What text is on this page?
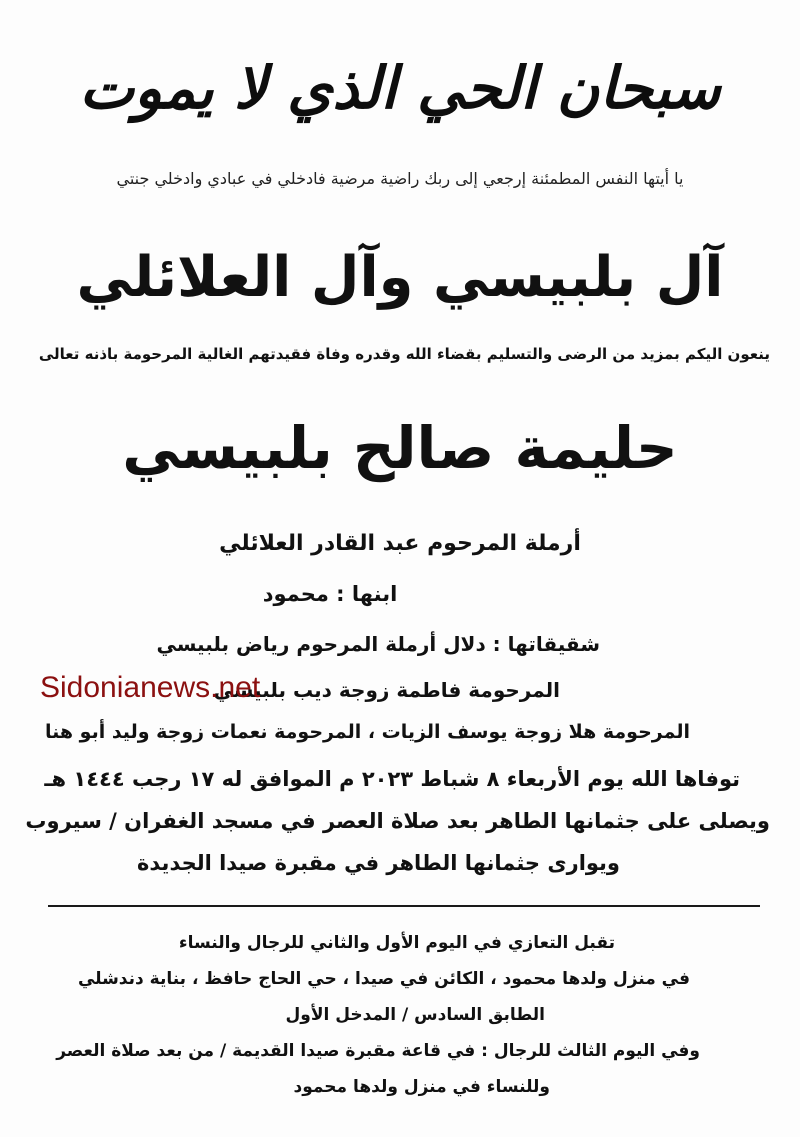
سبحان الحي الذي لا يموت
يا أيتها النفس المطمئنة إرجعي إلى ربك راضية مرضية فادخلي في عبادي وادخلي جنتي
آل بلبيسي وآل العلائلي
ينعون اليكم بمزيد من الرضى والتسليم بقضاء الله وقدره وفاة فقيدتهم الغالية المرحومة باذنه تعالى
حليمة صالح بلبيسي
أرملة المرحوم عبد القادر العلائلي
ابنها : محمود
شقيقاتها : دلال أرملة المرحوم رياض بلبيسي
المرحومة فاطمة زوجة ديب بلبيسي
المرحومة هلا زوجة يوسف الزيات ، المرحومة نعمات زوجة وليد أبو هنا
توفاها الله يوم الأربعاء ٨ شباط ٢٠٢٣ م الموافق له ١٧ رجب ١٤٤٤ هـ
ويصلى على جثمانها الطاهر بعد صلاة العصر في مسجد الغفران / سيروب
ويوارى جثمانها الطاهر في مقبرة صيدا الجديدة
تقبل التعازي في اليوم الأول والثاني للرجال والنساء
في منزل ولدها محمود ، الكائن في صيدا ، حي الحاج حافظ ، بناية دندشلي
الطابق السادس / المدخل الأول
وفي اليوم الثالث للرجال : في قاعة مقبرة صيدا القديمة / من بعد صلاة العصر
وللنساء في منزل ولدها محمود
Sidonianews.net
